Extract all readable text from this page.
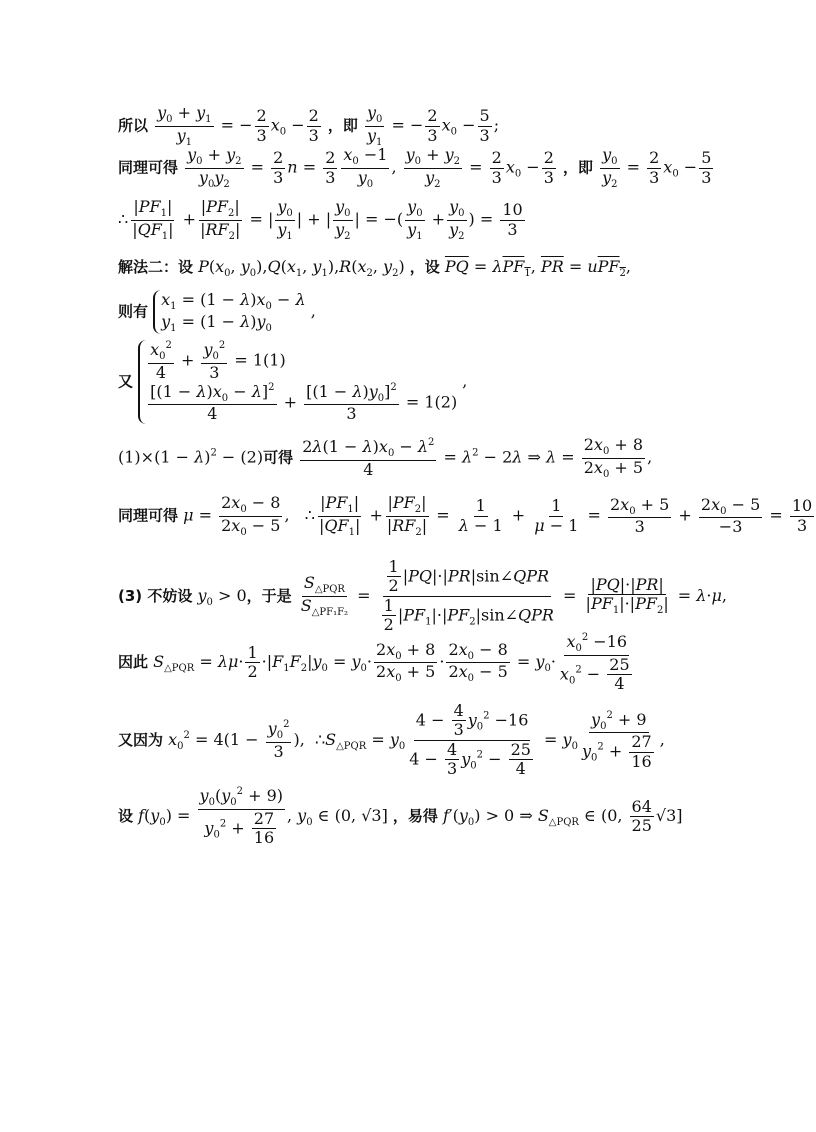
所以 $\frac{y_0 + y_1}{y_1}$ = − $\frac{2}{3} x_0 - \frac{2}{3}$ ，即 $\frac{y_0}{y_1}$ = − $\frac{2}{3} x_0 - \frac{5}{3}$ ;
同理可得 $\frac{y_0 + y_2}{y_0y_2} = \frac{2}{3}$ $n = \frac{2}{3} \frac{x_0 -1}{y_0}$ , $\frac{y_0 + y_2}{y_2} = \frac{2}{3} x_0 - \frac{2}{3}$ ，即 $\frac{y_0}{y_2} = \frac{2}{3} x_0 - \frac{5}{3}$
∴ $\frac{|PF_1|}{|QF_1|} + \frac{|PF_2|}{|RF_2|}$ = | $\frac{y_0}{y_1}$ | + | $\frac{y_0}{y_2}$ | = −( $\frac{y_0}{y_1} + \frac{y_0}{y_2}$ ) = $\frac{10}{3}$
解法二：设 $P(x_0$, $y_0),Q(x_1$, $y_1),R(x_2$, $y_2$) ，设 $\overline{PQ} = \lambda PF_1$, $\overline{PR} = uPF_2$,
则有
$x_1 = (1 - \lambda)x_0 - \lambda$
$y_1 = (1 - \lambda)y_0$
,
又 $\frac{x_0^2}{4} + \frac{y_0^2}{3} = 1(1)$
$\frac{[(1 - \lambda)x_0 - \lambda]^2}{4} + \frac{[(1 - \lambda)y_0]^2}{3} = 1(2)$
,
$(1)\times(1 - \lambda)^2 - (2)$可得 $\frac{2\lambda(1 - \lambda)x_0 - \lambda^2}{4} = \lambda^2 - 2\lambda$ ⇒ $\lambda = \frac{2x_0 + 8}{2x_0 + 5}$ ,
同理可得 $\mu = \frac{2x_0 - 8}{2x_0 - 5}$ ,   ∴ $\frac{|PF_1|}{|QF_1|} + \frac{|PF_2|}{|RF_2|} = \frac{1}{\lambda - 1} + \frac{1}{\mu - 1} = \frac{2x_0 + 5}{3} + \frac{2x_0 - 5}{-3} = \frac{10}{3}$
(3) 不妨设 $y_0 > 0$，于是 $\frac{S_{\triangle PQR}}{S_{\triangle PF_1F_2}} = \frac{\frac{1}{2} |PQ|\cdot|PR|\sin\angle QPR}{\frac{1}{2} |PF_1|\cdot|PF_2|\sin\angle QPR} = \frac{|PQ|\cdot|PR|}{|PF_1|\cdot|PF_2|} = \lambda\cdot\mu$,
因此 $S_{\triangle PQR} = \lambda\mu\cdot \frac{1}{2} \cdot|F_1F_2|y_0 = y_0\cdot \frac{2x_0 + 8}{2x_0 + 5} \cdot \frac{2x_0 - 8}{2x_0 - 5} = y_0\cdot \frac{x_0^2 -16}{x_0^2 - \frac{25}{4}}$
又因为 $x_0^2 = 4(1 - \frac{y_0^2}{3}$ ),  $\therefore S_{\triangle PQR} = y_0 \frac{4 - \frac{4}{3} y_0^2 -16}{4 - \frac{4}{3} y_0^2 - \frac{25}{4}} = y_0 \frac{y_0^2 + 9}{y_0^2 + \frac{27}{16}}$ ,
设 $f(y_0) = \frac{y_0(y_0^2 + 9)}{y_0^2 + \frac{27}{16}}$ , $y_0$ ∈ (0, √3] ，易得 $f'(y_0) > 0$ ⇒ $S_{\triangle PQR}$ ∈ (0, $\frac{64}{25} √3$]
